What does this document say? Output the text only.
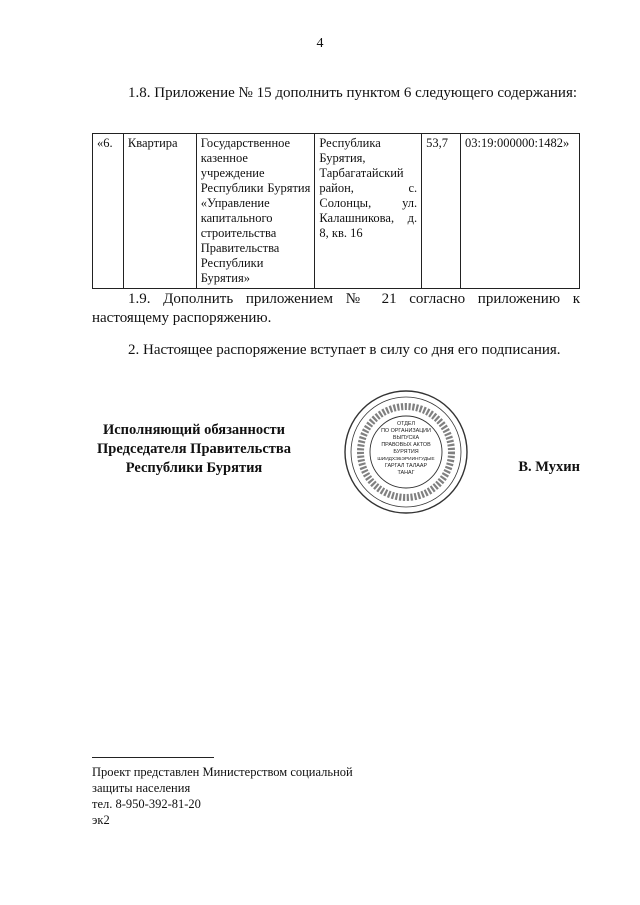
4
1.8. Приложение № 15 дополнить пунктом 6 следующего содержания:
«6.	Квартира	Государственное казенное учреждение Республики Бурятия «Управление капитального строительства Правительства Республики Бурятия»	Республика Бурятия, Тарбагатайский район, с. Солонцы, ул. Калашникова, д. 8, кв. 16	53,7	03:19:000000:1482»
1.9. Дополнить приложением № 21 согласно приложению к настоящему распоряжению.
2. Настоящее распоряжение вступает в силу со дня его подписания.
Исполняющий обязанности
Председателя Правительства
Республики Бурятия
ОТДЕЛ
ПО ОРГАНИЗАЦИИ
ВЫПУСКА
ПРАВОВЫХ АКТОВ
БУРЯТИЯ
ШИИДХЭБЭРИИНГУДЫЕ
ГАРГАЛ ТАЛААР
ТАНАГ	В. Мухин
Проект представлен Министерством социальной
защиты населения
тел. 8-950-392-81-20
эк2
